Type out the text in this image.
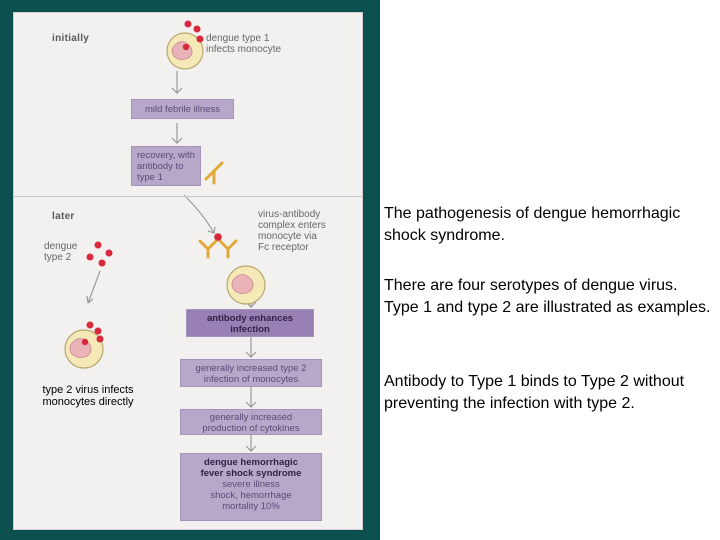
initially
later
dengue type 1
infects monocyte
mild febrile illness
recovery, with
antibody to
type 1
virus-antibody
complex enters
monocyte via
Fc receptor
dengue
type 2
antibody enhances
infection
generally increased type 2
infection of monocytes
generally increased
production of cytokines
dengue hemorrhagic
fever shock syndrome
severe illness
shock, hemorrhage
mortality 10%
type 2 virus infects monocytes directly

The pathogenesis of dengue hemorrhagic shock syndrome.

There are four serotypes of dengue virus. Type 1 and type 2 are illustrated as examples.

Antibody to Type 1 binds to Type 2 without preventing the infection with type 2.
